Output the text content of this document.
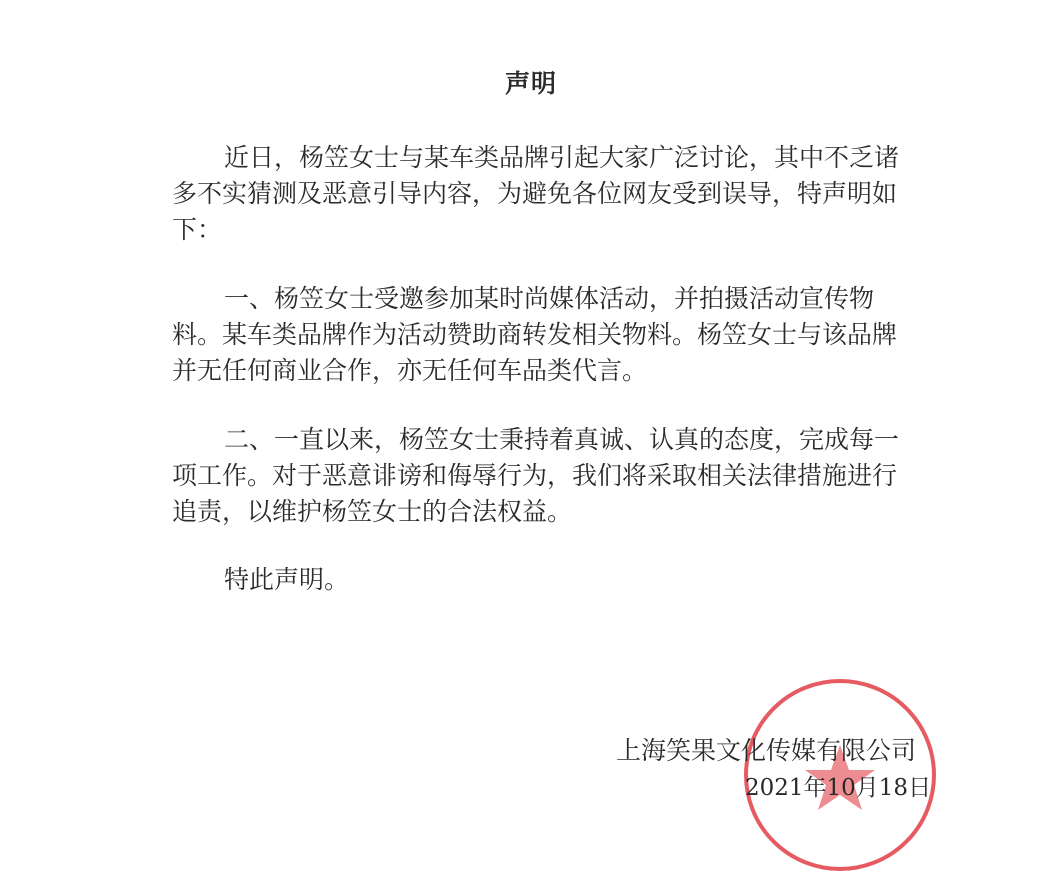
声明
近日，杨笠女士与某车类品牌引起大家广泛讨论，其中不乏诸
多不实猜测及恶意引导内容，为避免各位网友受到误导，特声明如
下：
一、杨笠女士受邀参加某时尚媒体活动，并拍摄活动宣传物
料。某车类品牌作为活动赞助商转发相关物料。杨笠女士与该品牌
并无任何商业合作，亦无任何车品类代言。
二、一直以来，杨笠女士秉持着真诚、认真的态度，完成每一
项工作。对于恶意诽谤和侮辱行为，我们将采取相关法律措施进行
追责，以维护杨笠女士的合法权益。
特此声明。
上海笑果文化传媒有限公司
2021年10月18日
